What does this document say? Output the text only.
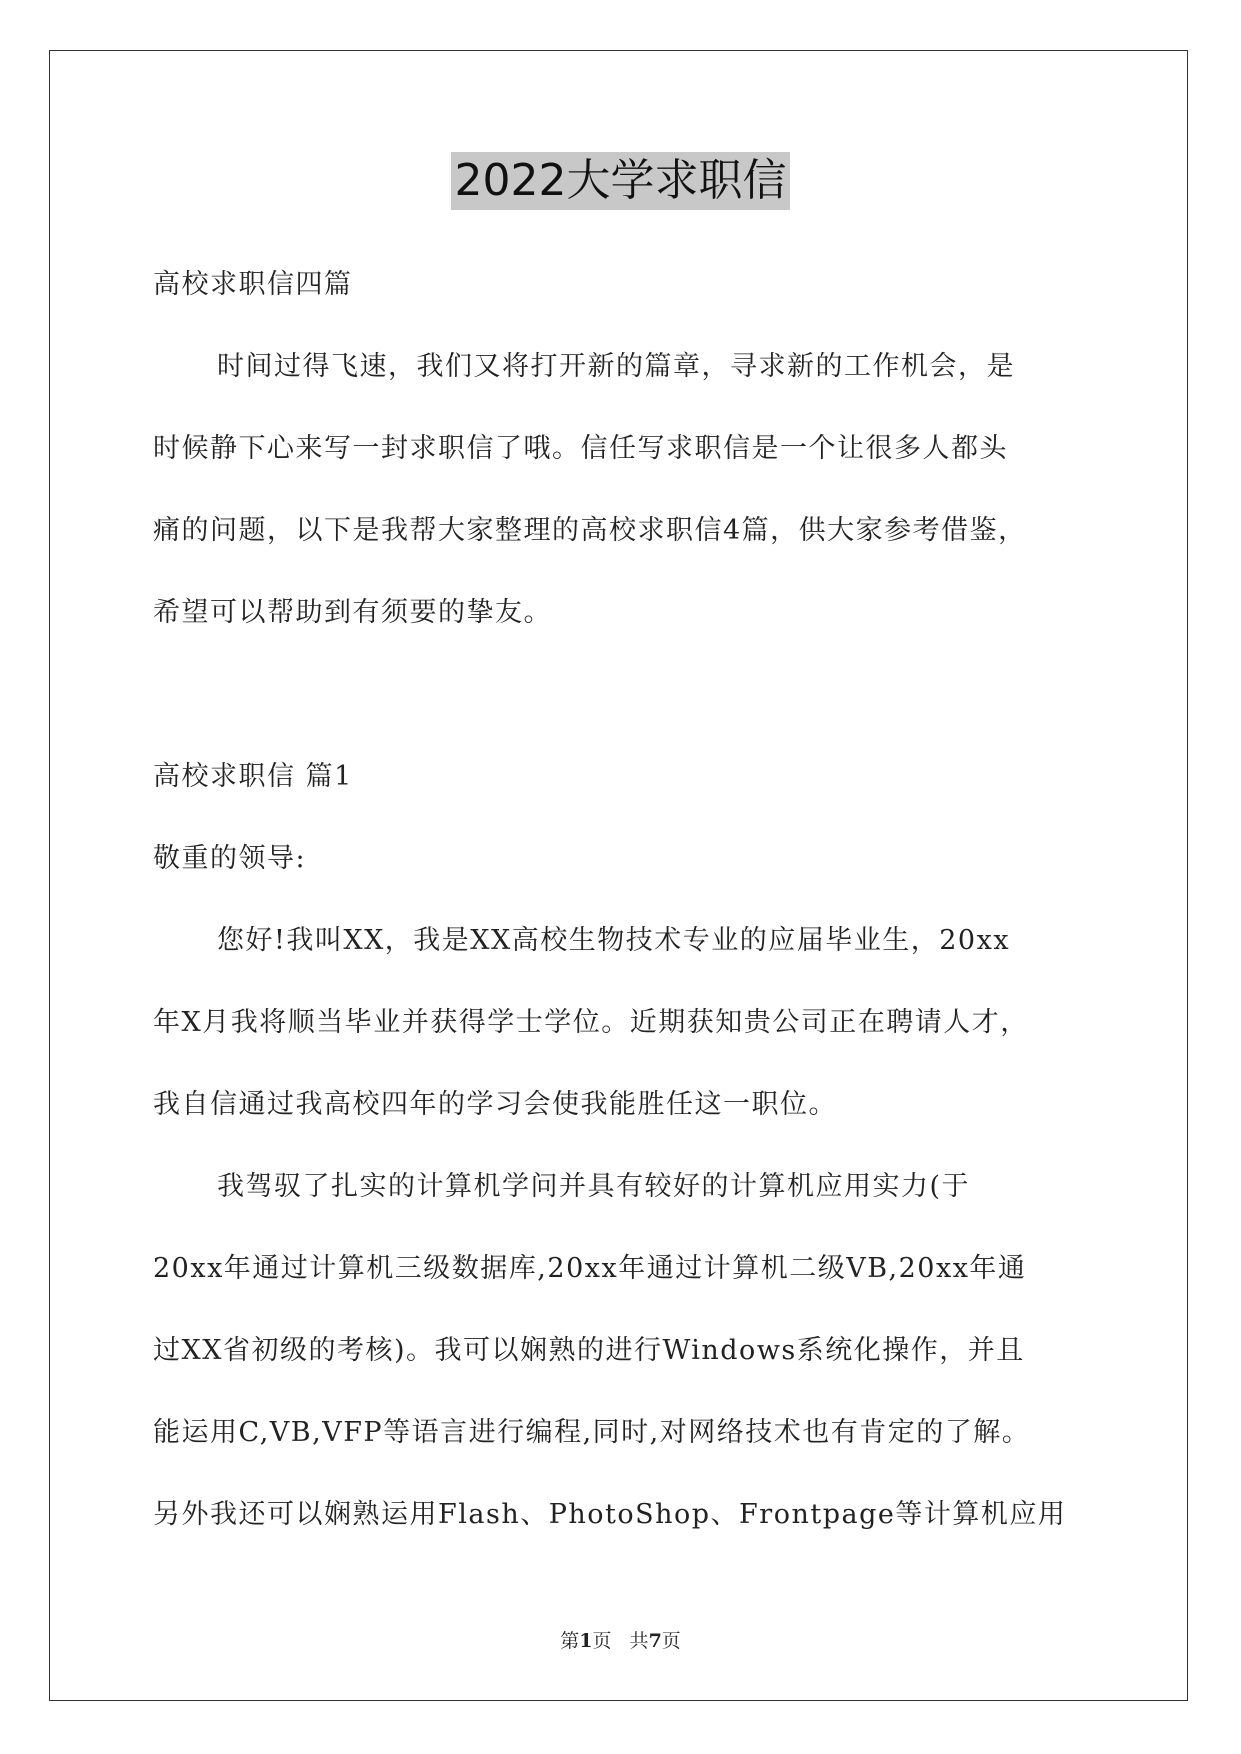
2022大学求职信
高校求职信四篇
时间过得飞速，我们又将打开新的篇章，寻求新的工作机会，是
时候静下心来写一封求职信了哦。信任写求职信是一个让很多人都头
痛的问题，以下是我帮大家整理的高校求职信4篇，供大家参考借鉴，
希望可以帮助到有须要的挚友。
高校求职信 篇1
敬重的领导:
您好!我叫XX，我是XX高校生物技术专业的应届毕业生，20xx
年X月我将顺当毕业并获得学士学位。近期获知贵公司正在聘请人才，
我自信通过我高校四年的学习会使我能胜任这一职位。
我驾驭了扎实的计算机学问并具有较好的计算机应用实力(于
20xx年通过计算机三级数据库,20xx年通过计算机二级VB,20xx年通
过XX省初级的考核)。我可以娴熟的进行Windows系统化操作，并且
能运用C,VB,VFP等语言进行编程,同时,对网络技术也有肯定的了解。
另外我还可以娴熟运用Flash、PhotoShop、Frontpage等计算机应用
第1页   共7页
